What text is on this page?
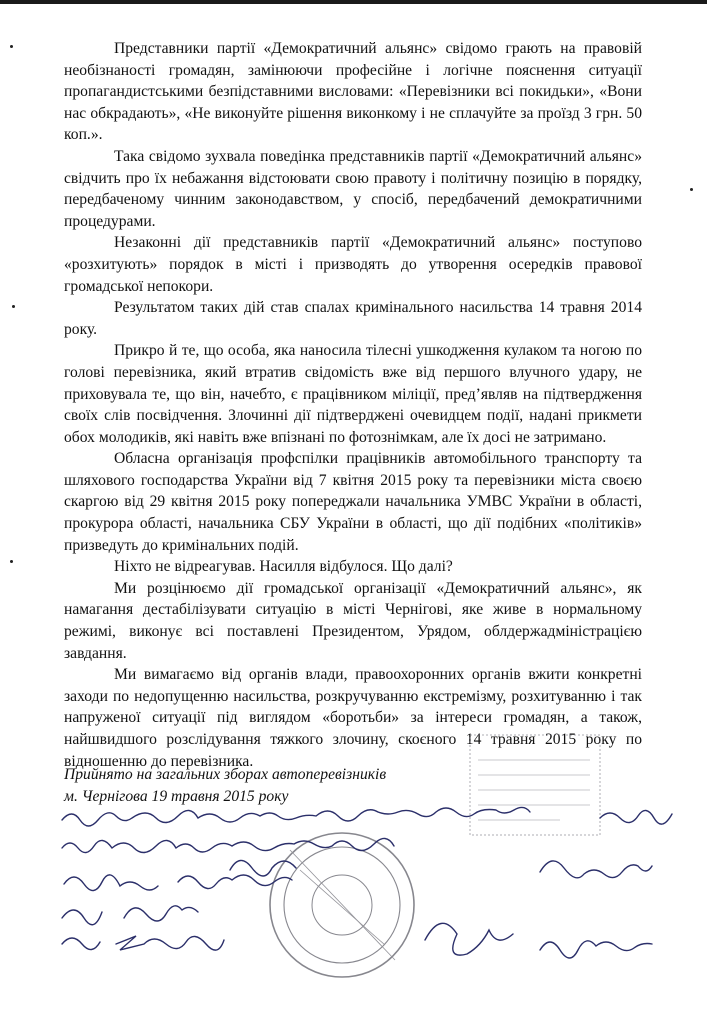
Представники партії «Демократичний альянс» свідомо грають на правовій необізнаності громадян, замінюючи професійне і логічне пояснення ситуації пропагандистськими безпідставними висловами: «Перевізники всі покидьки», «Вони нас обкрадають», «Не виконуйте рішення виконкому і не сплачуйте за проїзд 3 грн. 50 коп.».

Така свідомо зухвала поведінка представників партії «Демократичний альянс» свідчить про їх небажання відстоювати свою правоту і політичну позицію в порядку, передбаченому чинним законодавством, у спосіб, передбачений демократичними процедурами.

Незаконні дії представників партії «Демократичний альянс» поступово «розхитують» порядок в місті і призводять до утворення осередків правової громадської непокори.

Результатом таких дій став спалах кримінального насильства 14 травня 2014 року.

Прикро й те, що особа, яка наносила тілесні ушкодження кулаком та ногою по голові перевізника, який втратив свідомість вже від першого влучного удару, не приховувала те, що він, начебто, є працівником міліції, пред’являв на підтвердження своїх слів посвідчення. Злочинні дії підтверджені очевидцем події, надані прикмети обох молодиків, які навіть вже впізнані по фотознімкам, але їх досі не затримано.

Обласна організація профспілки працівників автомобільного транспорту та шляхового господарства України від 7 квітня 2015 року та перевізники міста своєю скаргою від 29 квітня 2015 року попереджали начальника УМВС України в області, прокурора області, начальника СБУ України в області, що дії подібних «політиків» призведуть до кримінальних подій.

Ніхто не відреагував. Насилля відбулося. Що далі?

Ми розцінюємо дії громадської організації «Демократичний альянс», як намагання дестабілізувати ситуацію в місті Чернігові, яке живе в нормальному режимі, виконує всі поставлені Президентом, Урядом, облдержадміністрацією завдання.

Ми вимагаємо від органів влади, правоохоронних органів вжити конкретні заходи по недопущенню насильства, розкручуванню екстремізму, розхитуванню і так напруженої ситуації під виглядом «боротьби» за інтереси громадян, а також, найшвидшого розслідування тяжкого злочину, скоєного 14 травня 2015 року по відношенню до перевізника.

Прийнято на загальних зборах автоперевізників
м. Чернігова 19 травня 2015 року
